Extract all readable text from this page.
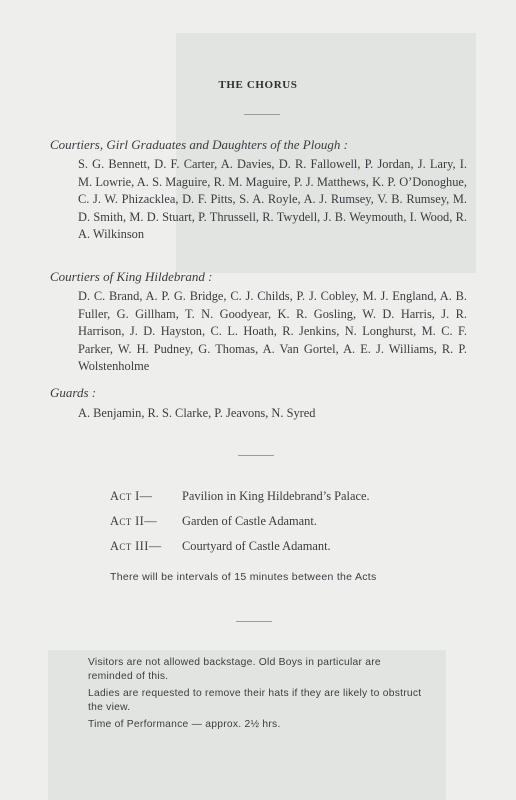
THE CHORUS
Courtiers, Girl Graduates and Daughters of the Plough :
S. G. Bennett, D. F. Carter, A. Davies, D. R. Fallowell, P. Jordan, J. Lary, I. M. Lowrie, A. S. Maguire, R. M. Maguire, P. J. Matthews, K. P. O’Donoghue, C. J. W. Phizacklea, D. F. Pitts, S. A. Royle, A. J. Rumsey, V. B. Rumsey, M. D. Smith, M. D. Stuart, P. Thrussell, R. Twydell, J. B. Weymouth, I. Wood, R. A. Wilkinson
Courtiers of King Hildebrand :
D. C. Brand, A. P. G. Bridge, C. J. Childs, P. J. Cobley, M. J. England, A. B. Fuller, G. Gillham, T. N. Goodyear, K. R. Gosling, W. D. Harris, J. R. Harrison, J. D. Hayston, C. L. Hoath, R. Jenkins, N. Longhurst, M. C. F. Parker, W. H. Pudney, G. Thomas, A. Van Gortel, A. E. J. Williams, R. P. Wolstenholme
Guards :
A. Benjamin, R. S. Clarke, P. Jeavons, N. Syred
Act I— Pavilion in King Hildebrand’s Palace.
Act II— Garden of Castle Adamant.
Act III— Courtyard of Castle Adamant.
There will be intervals of 15 minutes between the Acts
Visitors are not allowed backstage. Old Boys in particular are reminded of this.
Ladies are requested to remove their hats if they are likely to obstruct the view.
Time of Performance — approx. 2½ hrs.
